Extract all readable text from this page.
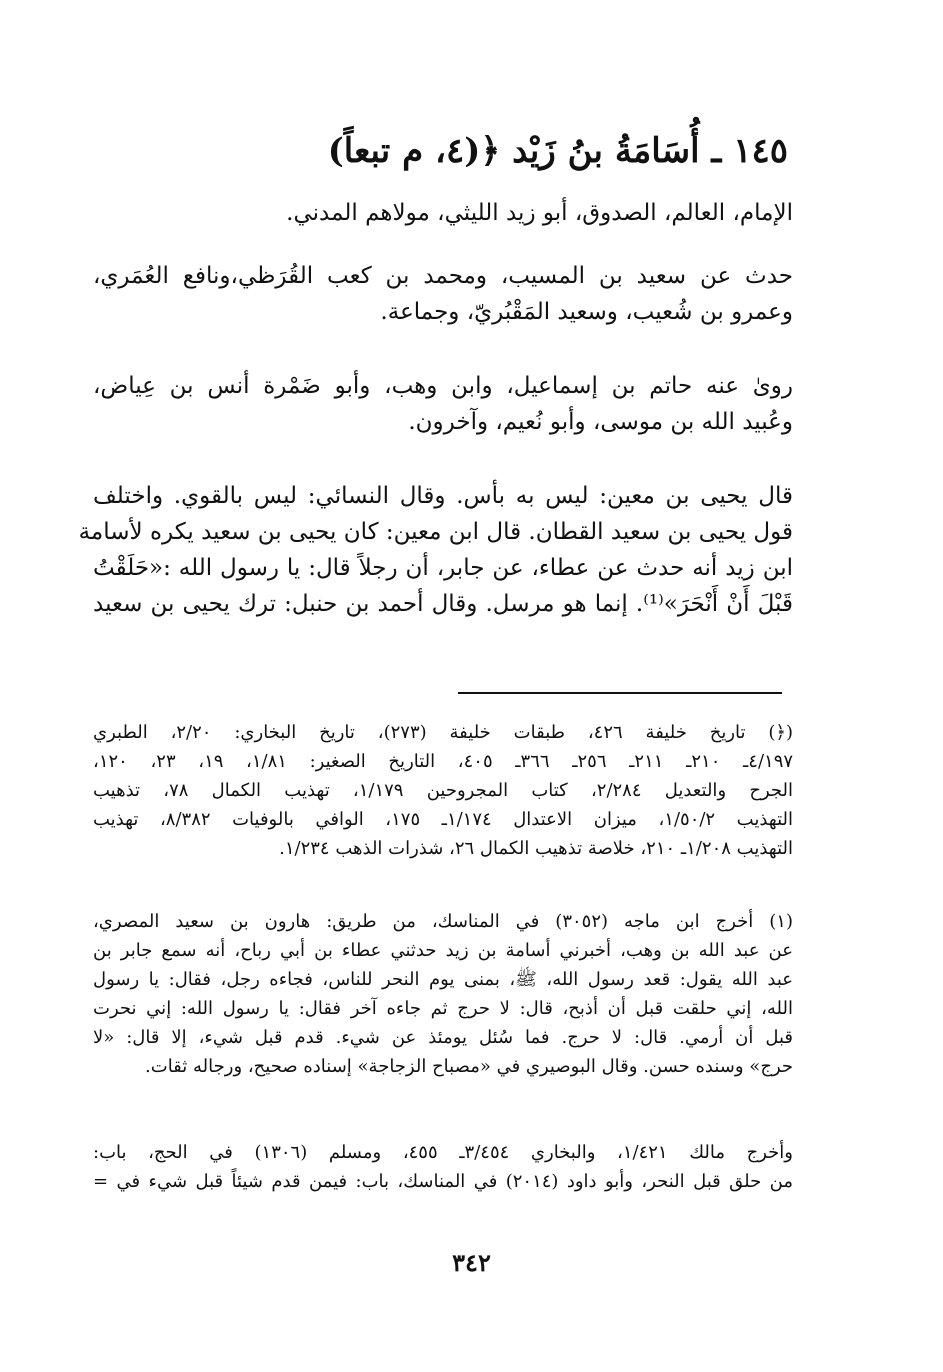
١٤٥ ـ أُسَامَةُ بنُ زَيْد ﴿(٤، م تبعاً)
الإمام، العالم، الصدوق، أبو زيد الليثي، مولاهم المدني.
حدث عن سعيد بن المسيب، ومحمد بن كعب القُرَظي،ونافع العُمَري،
وعمرو بن شُعيب، وسعيد المَقْبُريّ، وجماعة.
روىٰ عنه حاتم بن إسماعيل، وابن وهب، وأبو ضَمْرة أنس بن عِياض،
وعُبيد الله بن موسى، وأبو نُعيم، وآخرون.
قال يحيى بن معين: ليس به بأس. وقال النسائي: ليس بالقوي. واختلف
قول يحيى بن سعيد القطان. قال ابن معين: كان يحيى بن سعيد يكره لأسامة
ابن زيد أنه حدث عن عطاء، عن جابر، أن رجلاً قال: يا رسول الله :«حَلَقْتُ
قَبْلَ أَنْ أَنْحَرَ»⁽¹⁾. إنما هو مرسل. وقال أحمد بن حنبل: ترك يحيى بن سعيد
(﴿) تاريخ خليفة ٤٢٦، طبقات خليفة (٢٧٣)، تاريخ البخاري: ٢/٢٠، الطبري
٤/١٩٧ـ ٢١٠ـ ٢١١ـ ٢٥٦ـ ٣٦٦ـ ٤٠٥، التاريخ الصغير: ١/٨١، ١٩، ٢٣، ١٢٠،
الجرح والتعديل ٢/٢٨٤، كتاب المجروحين ١/١٧٩، تهذيب الكمال ٧٨، تذهيب
التهذيب ١/٥٠/٢، ميزان الاعتدال ١/١٧٤ـ ١٧٥، الوافي بالوفيات ٨/٣٨٢، تهذيب
التهذيب ١/٢٠٨ـ ٢١٠، خلاصة تذهيب الكمال ٢٦، شذرات الذهب ١/٢٣٤.
(١) أخرج ابن ماجه (٣٠٥٢) في المناسك، من طريق: هارون بن سعيد المصري،
عن عبد الله بن وهب، أخبرني أسامة بن زيد حدثني عطاء بن أبي رباح، أنه سمع جابر بن
عبد الله يقول: قعد رسول الله، ﷺ، بمنى يوم النحر للناس، فجاءه رجل، فقال: يا رسول
الله، إني حلقت قبل أن أذبح، قال: لا حرج ثم جاءه آخر فقال: يا رسول الله: إني نحرت
قبل أن أرمي. قال: لا حرج. فما سُئل يومئذ عن شيء. قدم قبل شيء، إلا قال: «لا
حرج» وسنده حسن. وقال البوصيري في «مصباح الزجاجة» إسناده صحيح، ورجاله ثقات.
وأخرج مالك ١/٤٢١، والبخاري ٣/٤٥٤ـ ٤٥٥، ومسلم (١٣٠٦) في الحج، باب:
من حلق قبل النحر، وأبو داود (٢٠١٤) في المناسك، باب: فيمن قدم شيئاً قبل شيء في =
٣٤٢
